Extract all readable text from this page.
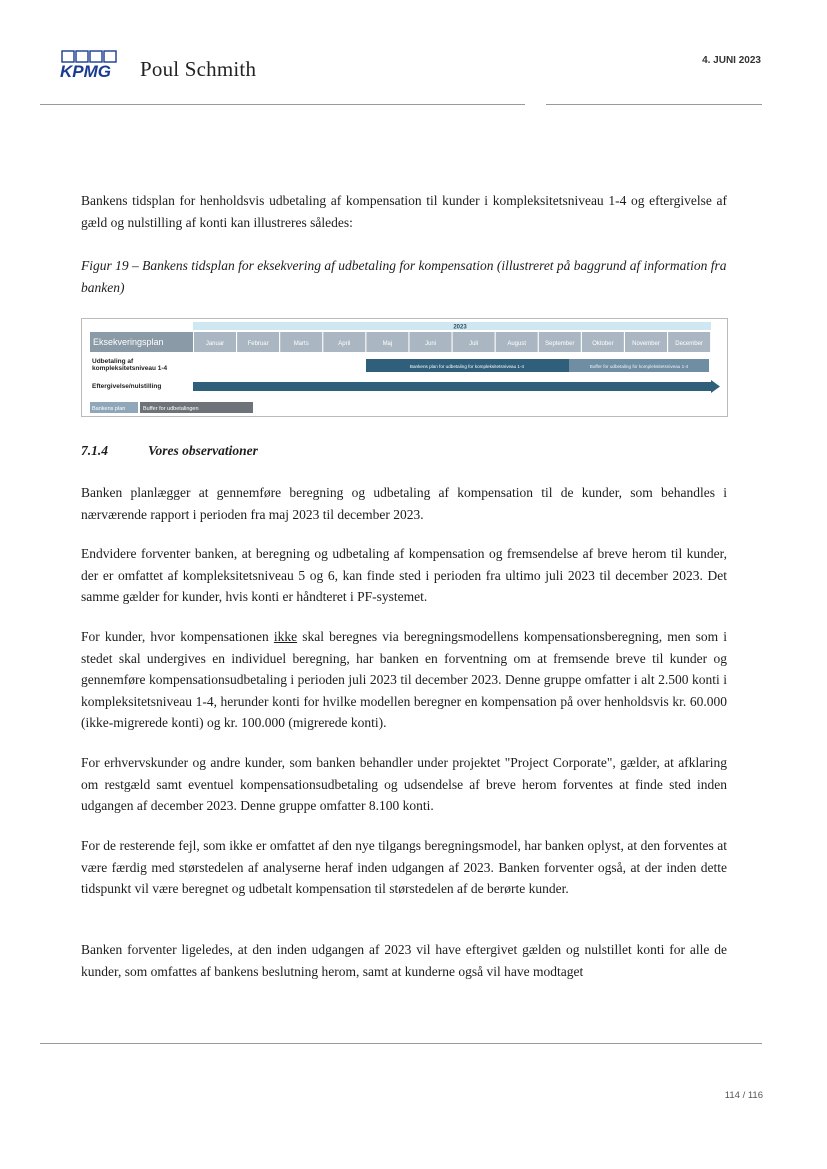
KPMG Poul Schmith	4. JUNI 2023

Bankens tidsplan for henholdsvis udbetaling af kompensation til kunder i kompleksitetsniveau 1-4 og eftergivelse af gæld og nulstilling af konti kan illustreres således:

Figur 19 – Bankens tidsplan for eksekvering af udbetaling for kompensation (illustreret på baggrund af information fra banken)

2023
Eksekveringsplan	Januar	Februar	Marts	April	Maj	Juni	Juli	August	September	Oktober	November	December
Udbetaling af
kompleksitetsniveau 1-4	Bankens plan for udbetaling for kompleksitetsniveau 1-4	Buffer for udbetaling for kompleksitetsniveau 1-4
Eftergivelse/nulstilling
Bankens plan	Buffer for udbetalingen
7.1.4	Vores observationer

Banken planlægger at gennemføre beregning og udbetaling af kompensation til de kunder, som behandles i nærværende rapport i perioden fra maj 2023 til december 2023.

Endvidere forventer banken, at beregning og udbetaling af kompensation og fremsendelse af breve herom til kunder, der er omfattet af kompleksitetsniveau 5 og 6, kan finde sted i perioden fra ultimo juli 2023 til december 2023. Det samme gælder for kunder, hvis konti er håndteret i PF-systemet.

For kunder, hvor kompensationen ikke skal beregnes via beregningsmodellens kompensationsberegning, men som i stedet skal undergives en individuel beregning, har banken en forventning om at fremsende breve til kunder og gennemføre kompensationsudbetaling i perioden juli 2023 til december 2023. Denne gruppe omfatter i alt 2.500 konti i kompleksitetsniveau 1-4, herunder konti for hvilke modellen beregner en kompensation på over henholdsvis kr. 60.000 (ikke-migrerede konti) og kr. 100.000 (migrerede konti).

For erhvervskunder og andre kunder, som banken behandler under projektet "Project Corporate", gælder, at afklaring om restgæld samt eventuel kompensationsudbetaling og udsendelse af breve herom forventes at finde sted inden udgangen af december 2023. Denne gruppe omfatter 8.100 konti.

For de resterende fejl, som ikke er omfattet af den nye tilgangs beregningsmodel, har banken oplyst, at den forventes at være færdig med størstedelen af analyserne heraf inden udgangen af 2023. Banken forventer også, at der inden dette tidspunkt vil være beregnet og udbetalt kompensation til størstedelen af de berørte kunder.

Banken forventer ligeledes, at den inden udgangen af 2023 vil have eftergivet gælden og nulstillet konti for alle de kunder, som omfattes af bankens beslutning herom, samt at kunderne også vil have modtaget

114 / 116
